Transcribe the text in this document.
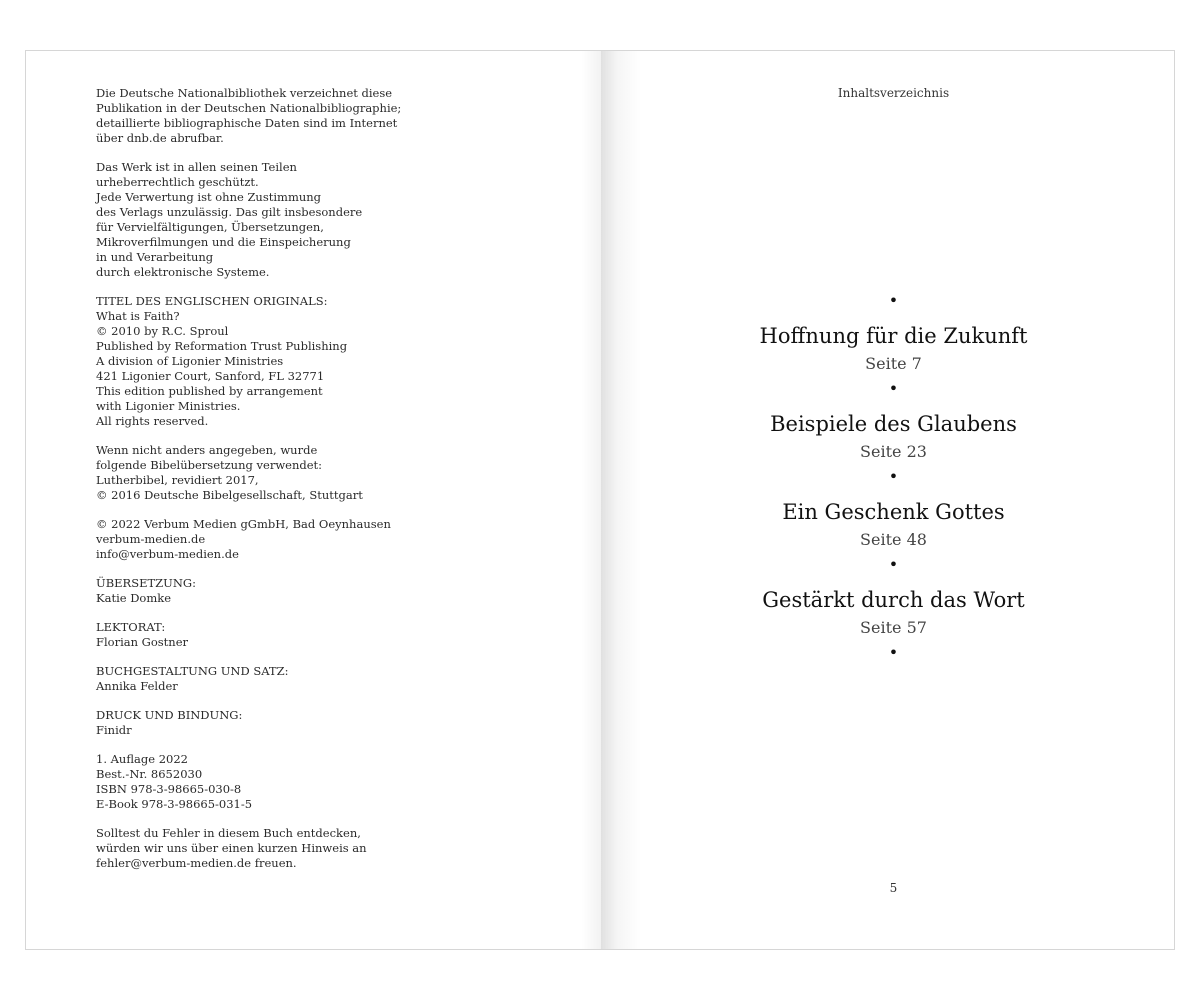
Die Deutsche Nationalbibliothek verzeichnet diese
Publikation in der Deutschen Nationalbibliographie;
detaillierte bibliographische Daten sind im Internet
über dnb.de abrufbar.
Das Werk ist in allen seinen Teilen
urheberrechtlich geschützt.
Jede Verwertung ist ohne Zustimmung
des Verlags unzulässig. Das gilt insbesondere
für Vervielfältigungen, Übersetzungen,
Mikroverfilmungen und die Einspeicherung
in und Verarbeitung
durch elektronische Systeme.
TITEL DES ENGLISCHEN ORIGINALS:
What is Faith?
© 2010 by R.C. Sproul
Published by Reformation Trust Publishing
A division of Ligonier Ministries
421 Ligonier Court, Sanford, FL 32771
This edition published by arrangement
with Ligonier Ministries.
All rights reserved.
Wenn nicht anders angegeben, wurde
folgende Bibelübersetzung verwendet:
Lutherbibel, revidiert 2017,
© 2016 Deutsche Bibelgesellschaft, Stuttgart
© 2022 Verbum Medien gGmbH, Bad Oeynhausen
verbum-medien.de
info@verbum-medien.de
ÜBERSETZUNG:
Katie Domke
LEKTORAT:
Florian Gostner
BUCHGESTALTUNG UND SATZ:
Annika Felder
DRUCK UND BINDUNG:
Finidr
1. Auflage 2022
Best.-Nr. 8652030
ISBN 978-3-98665-030-8
E-Book 978-3-98665-031-5
Solltest du Fehler in diesem Buch entdecken,
würden wir uns über einen kurzen Hinweis an
fehler@verbum-medien.de freuen.
Inhaltsverzeichnis
•
Hoffnung für die Zukunft
Seite 7
•
Beispiele des Glaubens
Seite 23
•
Ein Geschenk Gottes
Seite 48
•
Gestärkt durch das Wort
Seite 57
•
5
